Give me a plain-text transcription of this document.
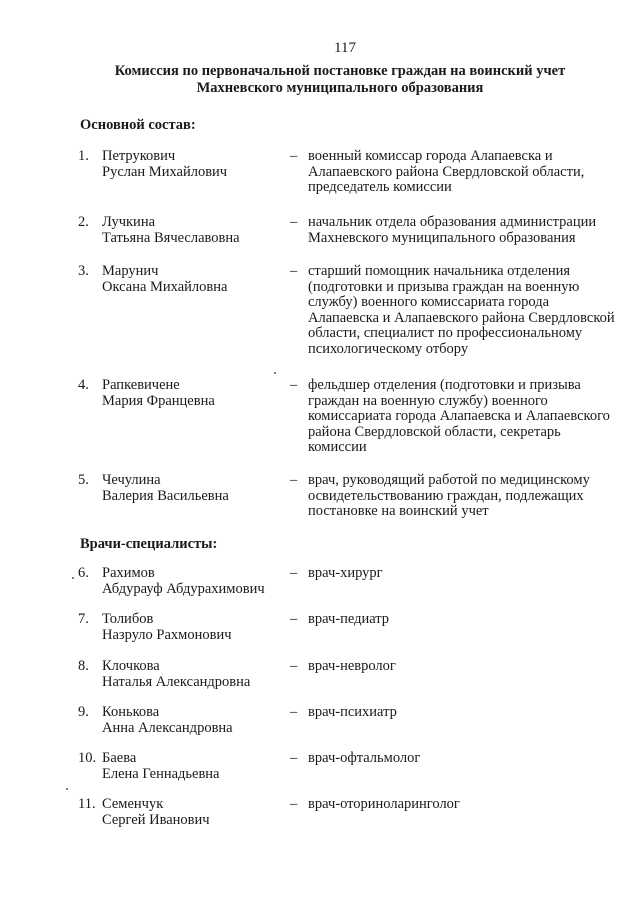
117
Комиссия по первоначальной постановке граждан на воинский учет
Махневского муниципального образования
Основной состав:
1. Петрукович
Руслан Михайлович
– военный комиссар города Алапаевска и Алапаевского района Свердловской области, председатель комиссии
2. Лучкина
Татьяна Вячеславовна
– начальник отдела образования администрации Махневского муниципального образования
3. Марунич
Оксана Михайловна
– старший помощник начальника отделения (подготовки и призыва граждан на военную службу) военного комиссариата города Алапаевска и Алапаевского района Свердловской области, специалист по профессиональному психологическому отбору
4. Рапкевичене
Мария Францевна
– фельдшер отделения (подготовки и призыва граждан на военную службу) военного комиссариата города Алапаевска и Алапаевского района Свердловской области, секретарь комиссии
5. Чечулина
Валерия Васильевна
– врач, руководящий работой по медицинскому освидетельствованию граждан, подлежащих постановке на воинский учет
Врачи-специалисты:
6. Рахимов
Абдурауф Абдурахимович
– врач-хирург
7. Толибов
Назруло Рахмонович
– врач-педиатр
8. Клочкова
Наталья Александровна
– врач-невролог
9. Конькова
Анна Александровна
– врач-психиатр
10. Баева
Елена Геннадьевна
– врач-офтальмолог
11. Семенчук
Сергей Иванович
– врач-оториноларинголог
